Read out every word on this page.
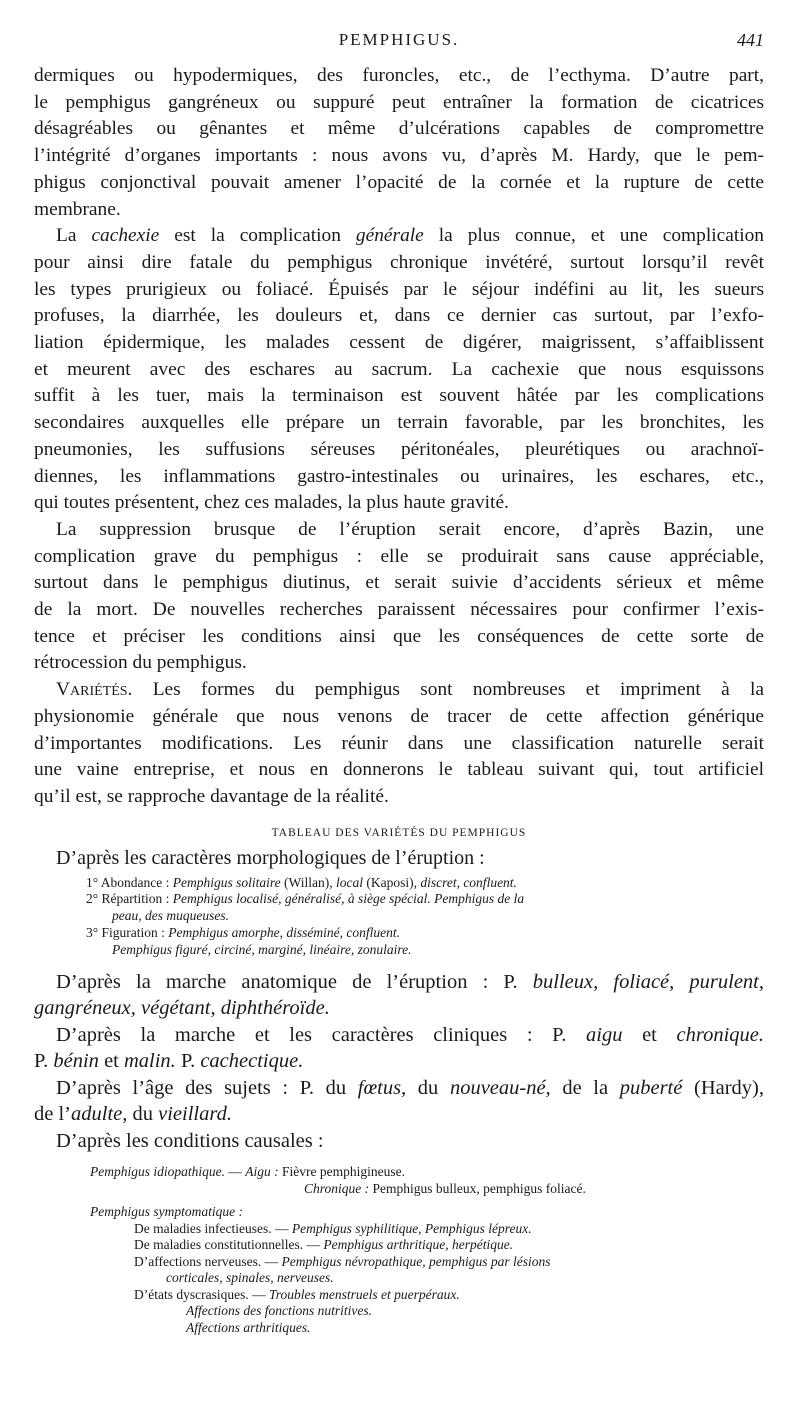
PEMPHIGUS.	441

dermiques ou hypodermiques, des furoncles, etc., de l’ecthyma. D’autre part,

le pemphigus gangréneux ou suppuré peut entraîner la formation de cicatrices

désagréables ou gênantes et même d’ulcérations capables de compromettre

l’intégrité d’organes importants : nous avons vu, d’après M. Hardy, que le pem-

phigus conjonctival pouvait amener l’opacité de la cornée et la rupture de cette

membrane.

La cachexie est la complication générale la plus connue, et une complication

pour ainsi dire fatale du pemphigus chronique invétéré, surtout lorsqu’il revêt

les types prurigieux ou foliacé. Épuisés par le séjour indéfini au lit, les sueurs

profuses, la diarrhée, les douleurs et, dans ce dernier cas surtout, par l’exfo-

liation épidermique, les malades cessent de digérer, maigrissent, s’affaiblissent

et meurent avec des eschares au sacrum. La cachexie que nous esquissons

suffit à les tuer, mais la terminaison est souvent hâtée par les complications

secondaires auxquelles elle prépare un terrain favorable, par les bronchites, les

pneumonies, les suffusions séreuses péritonéales, pleurétiques ou arachnoï-

diennes, les inflammations gastro-intestinales ou urinaires, les eschares, etc.,

qui toutes présentent, chez ces malades, la plus haute gravité.

La suppression brusque de l’éruption serait encore, d’après Bazin, une

complication grave du pemphigus : elle se produirait sans cause appréciable,

surtout dans le pemphigus diutinus, et serait suivie d’accidents sérieux et même

de la mort. De nouvelles recherches paraissent nécessaires pour confirmer l’exis-

tence et préciser les conditions ainsi que les conséquences de cette sorte de

rétrocession du pemphigus.

Variétés. Les formes du pemphigus sont nombreuses et impriment à la

physionomie générale que nous venons de tracer de cette affection générique

d’importantes modifications. Les réunir dans une classification naturelle serait

une vaine entreprise, et nous en donnerons le tableau suivant qui, tout artificiel

qu’il est, se rapproche davantage de la réalité.

TABLEAU DES VARIÉTÉS DU PEMPHIGUS
D’après les caractères morphologiques de l’éruption :

1° Abondance : Pemphigus solitaire (Willan), local (Kaposi), discret, confluent.

2° Répartition : Pemphigus localisé, généralisé, à siège spécial. Pemphigus de la

peau, des muqueuses.

3° Figuration : Pemphigus amorphe, disséminé, confluent.

Pemphigus figuré, circiné, marginé, linéaire, zonulaire.

D’après la marche anatomique de l’éruption : P. bulleux, foliacé, purulent,

gangréneux, végétant, diphthéroïde.

D’après la marche et les caractères cliniques : P. aigu et chronique.

P. bénin et malin. P. cachectique.

D’après l’âge des sujets : P. du fœtus, du nouveau-né, de la puberté (Hardy),

de l’adulte, du vieillard.

D’après les conditions causales :

Pemphigus idiopathique. — Aigu : Fièvre pemphigineuse.

Chronique : Pemphigus bulleux, pemphigus foliacé.

Pemphigus symptomatique :

De maladies infectieuses. — Pemphigus syphilitique, Pemphigus lépreux.

De maladies constitutionnelles. — Pemphigus arthritique, herpétique.

D’affections nerveuses. — Pemphigus névropathique, pemphigus par lésions

corticales, spinales, nerveuses.

D’états dyscrasiques. — Troubles menstruels et puerpéraux.

Affections des fonctions nutritives.

Affections arthritiques.
